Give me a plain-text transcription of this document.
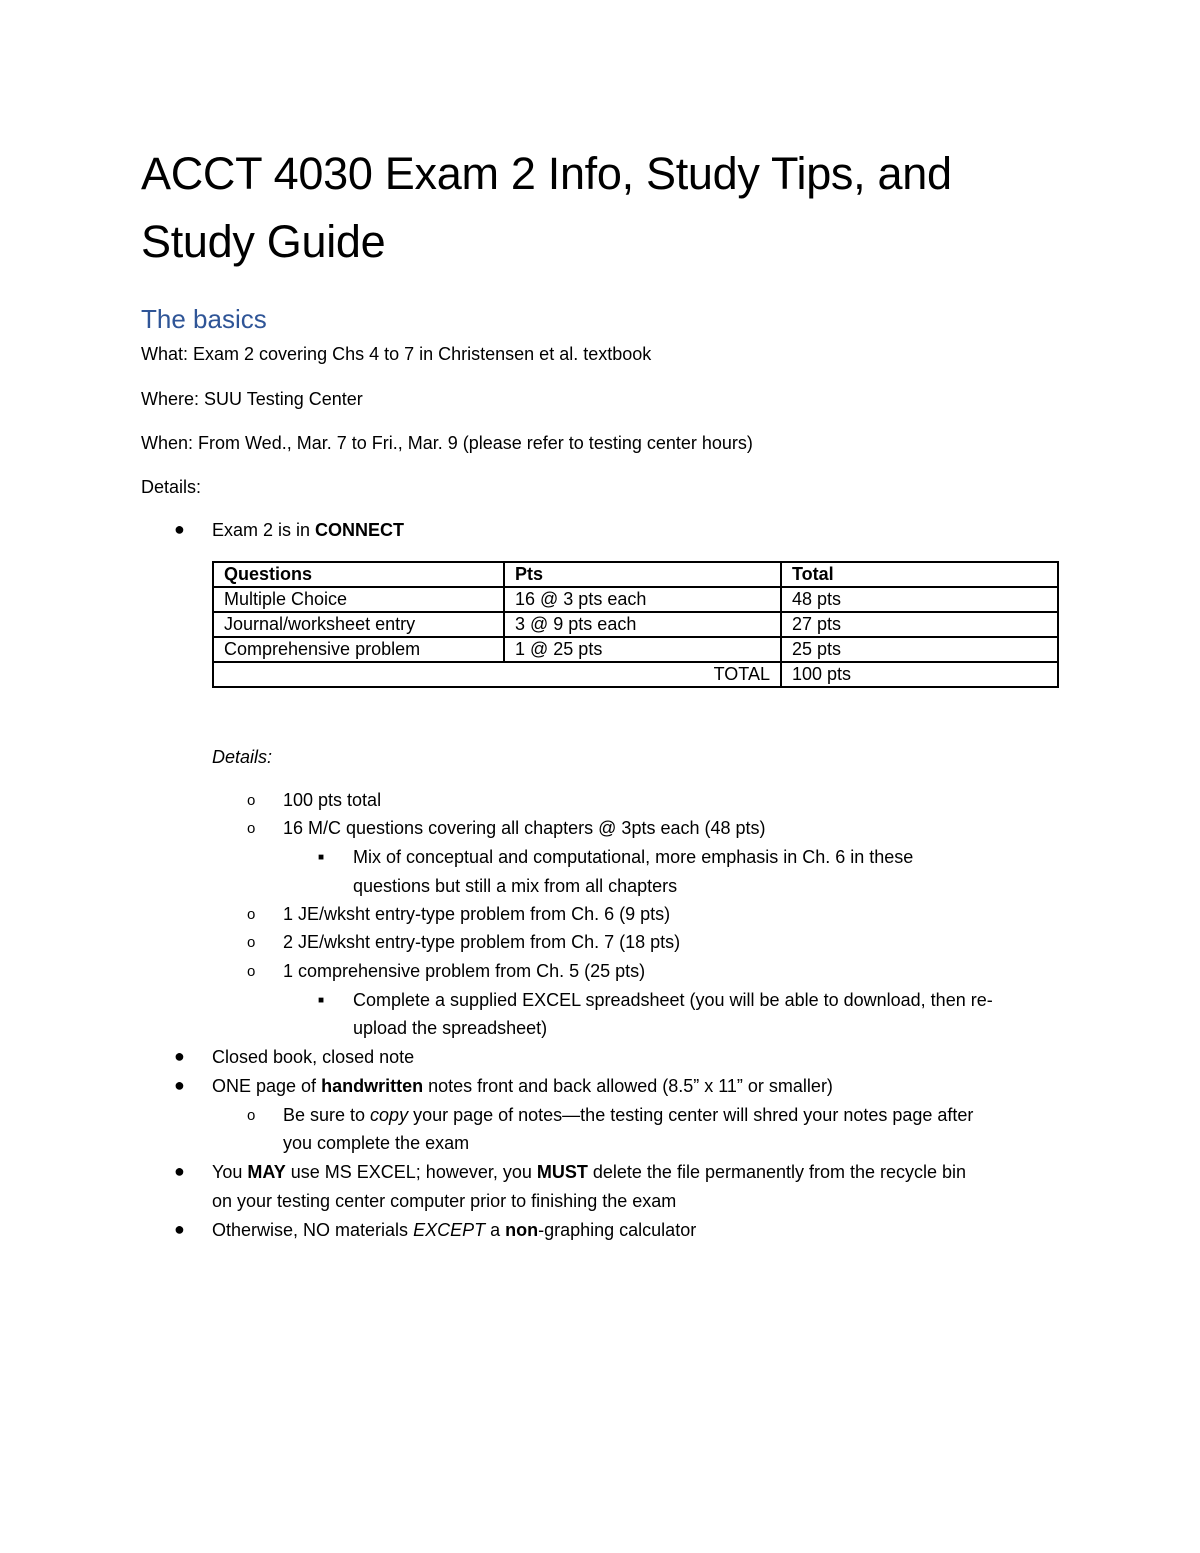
ACCT 4030 Exam 2 Info, Study Tips, and Study Guide
The basics
What: Exam 2 covering Chs 4 to 7 in Christensen et al. textbook
Where: SUU Testing Center
When: From Wed., Mar. 7 to Fri., Mar. 9 (please refer to testing center hours)
Details:
● Exam 2 is in CONNECT
Questions	Pts	Total
Multiple Choice	16 @ 3 pts each	48 pts
Journal/worksheet entry	3 @ 9 pts each	27 pts
Comprehensive problem	1 @ 25 pts	25 pts
TOTAL		100 pts
Details:
o 100 pts total
o 16 M/C questions covering all chapters @ 3pts each (48 pts)
■ Mix of conceptual and computational, more emphasis in Ch. 6 in these
questions but still a mix from all chapters
o 1 JE/wksht entry-type problem from Ch. 6 (9 pts)
o 2 JE/wksht entry-type problem from Ch. 7 (18 pts)
o 1 comprehensive problem from Ch. 5 (25 pts)
■ Complete a supplied EXCEL spreadsheet (you will be able to download, then re-
upload the spreadsheet)
● Closed book, closed note
● ONE page of handwritten notes front and back allowed (8.5” x 11” or smaller)
o Be sure to copy your page of notes—the testing center will shred your notes page after
you complete the exam
● You MAY use MS EXCEL; however, you MUST delete the file permanently from the recycle bin
on your testing center computer prior to finishing the exam
● Otherwise, NO materials EXCEPT a non-graphing calculator
